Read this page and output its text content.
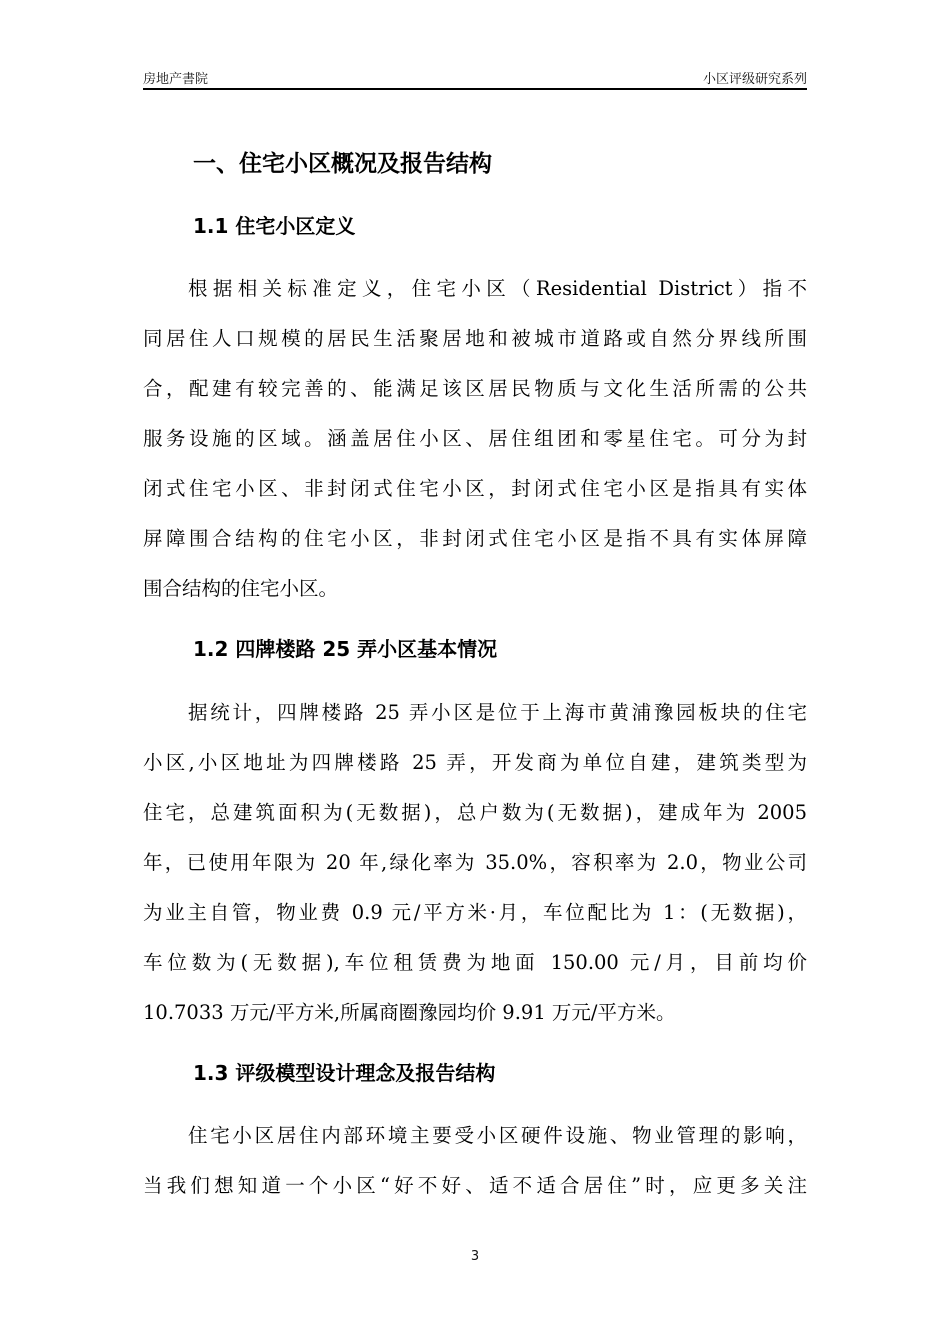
房地产書院	小区评级研究系列
一、住宅小区概况及报告结构
1.1 住宅小区定义
根据相关标准定义，住宅小区（Residential District）指不
同居住人口规模的居民生活聚居地和被城市道路或自然分界线所围
合，配建有较完善的、能满足该区居民物质与文化生活所需的公共
服务设施的区域。涵盖居住小区、居住组团和零星住宅。可分为封
闭式住宅小区、非封闭式住宅小区，封闭式住宅小区是指具有实体
屏障围合结构的住宅小区，非封闭式住宅小区是指不具有实体屏障
围合结构的住宅小区。
1.2 四牌楼路 25 弄小区基本情况
据统计，四牌楼路 25 弄小区是位于上海市黄浦豫园板块的住宅
小区,小区地址为四牌楼路 25 弄，开发商为单位自建，建筑类型为
住宅，总建筑面积为(无数据)，总户数为(无数据)，建成年为 2005
年，已使用年限为 20 年,绿化率为 35.0%，容积率为 2.0，物业公司
为业主自管，物业费 0.9 元/平方米·月，车位配比为 1：(无数据)，
车位数为(无数据),车位租赁费为地面 150.00 元/月，目前均价
10.7033 万元/平方米,所属商圈豫园均价 9.91 万元/平方米。
1.3 评级模型设计理念及报告结构
住宅小区居住内部环境主要受小区硬件设施、物业管理的影响，
当我们想知道一个小区“好不好、适不适合居住”时，应更多关注
3
